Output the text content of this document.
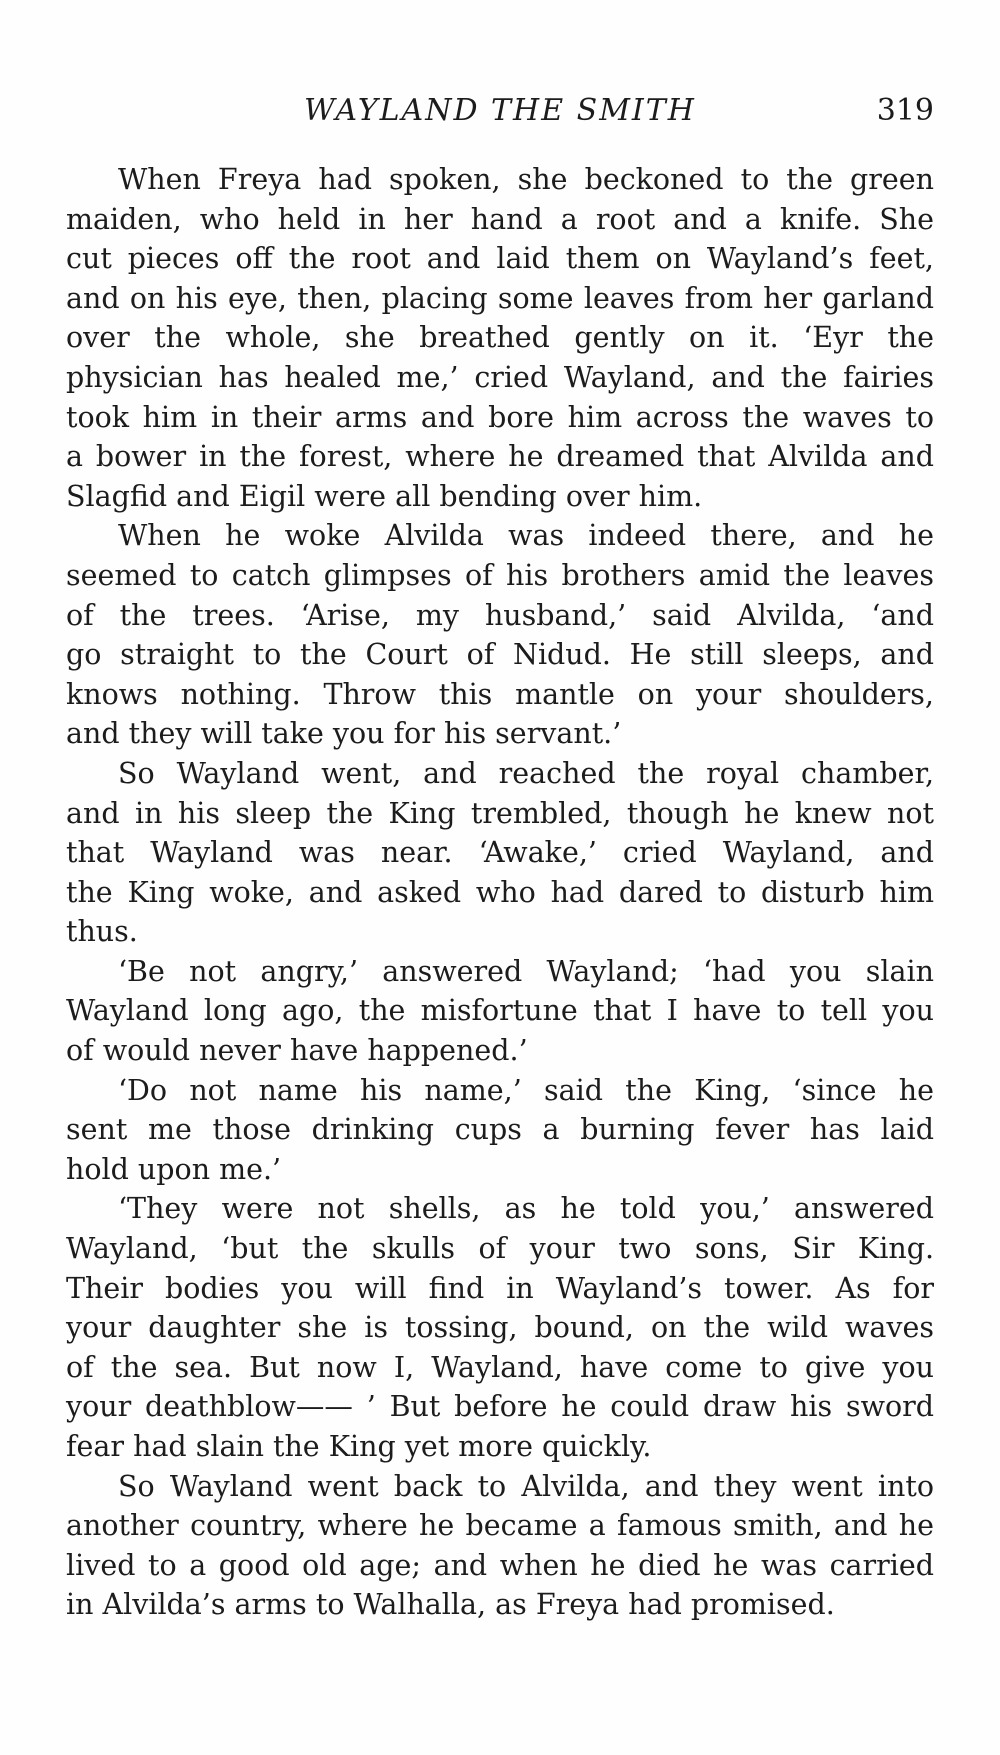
WAYLAND THE SMITH	319

When Freya had spoken, she beckoned to the green
maiden, who held in her hand a root and a knife. She
cut pieces off the root and laid them on Wayland’s feet,
and on his eye, then, placing some leaves from her garland
over the whole, she breathed gently on it. ‘Eyr the
physician has healed me,’ cried Wayland, and the fairies
took him in their arms and bore him across the waves to
a bower in the forest, where he dreamed that Alvilda and
Slagfid and Eigil were all bending over him.

When he woke Alvilda was indeed there, and he
seemed to catch glimpses of his brothers amid the leaves
of the trees. ‘Arise, my husband,’ said Alvilda, ‘and
go straight to the Court of Nidud. He still sleeps, and
knows nothing. Throw this mantle on your shoulders,
and they will take you for his servant.’

So Wayland went, and reached the royal chamber,
and in his sleep the King trembled, though he knew not
that Wayland was near. ‘Awake,’ cried Wayland, and
the King woke, and asked who had dared to disturb him
thus.

‘Be not angry,’ answered Wayland; ‘had you slain
Wayland long ago, the misfortune that I have to tell you
of would never have happened.’

‘Do not name his name,’ said the King, ‘since he
sent me those drinking cups a burning fever has laid
hold upon me.’

‘They were not shells, as he told you,’ answered
Wayland, ‘but the skulls of your two sons, Sir King.
Their bodies you will find in Wayland’s tower. As for
your daughter she is tossing, bound, on the wild waves
of the sea. But now I, Wayland, have come to give you
your deathblow—— ’ But before he could draw his sword
fear had slain the King yet more quickly.

So Wayland went back to Alvilda, and they went into
another country, where he became a famous smith, and he
lived to a good old age; and when he died he was carried
in Alvilda’s arms to Walhalla, as Freya had promised.
